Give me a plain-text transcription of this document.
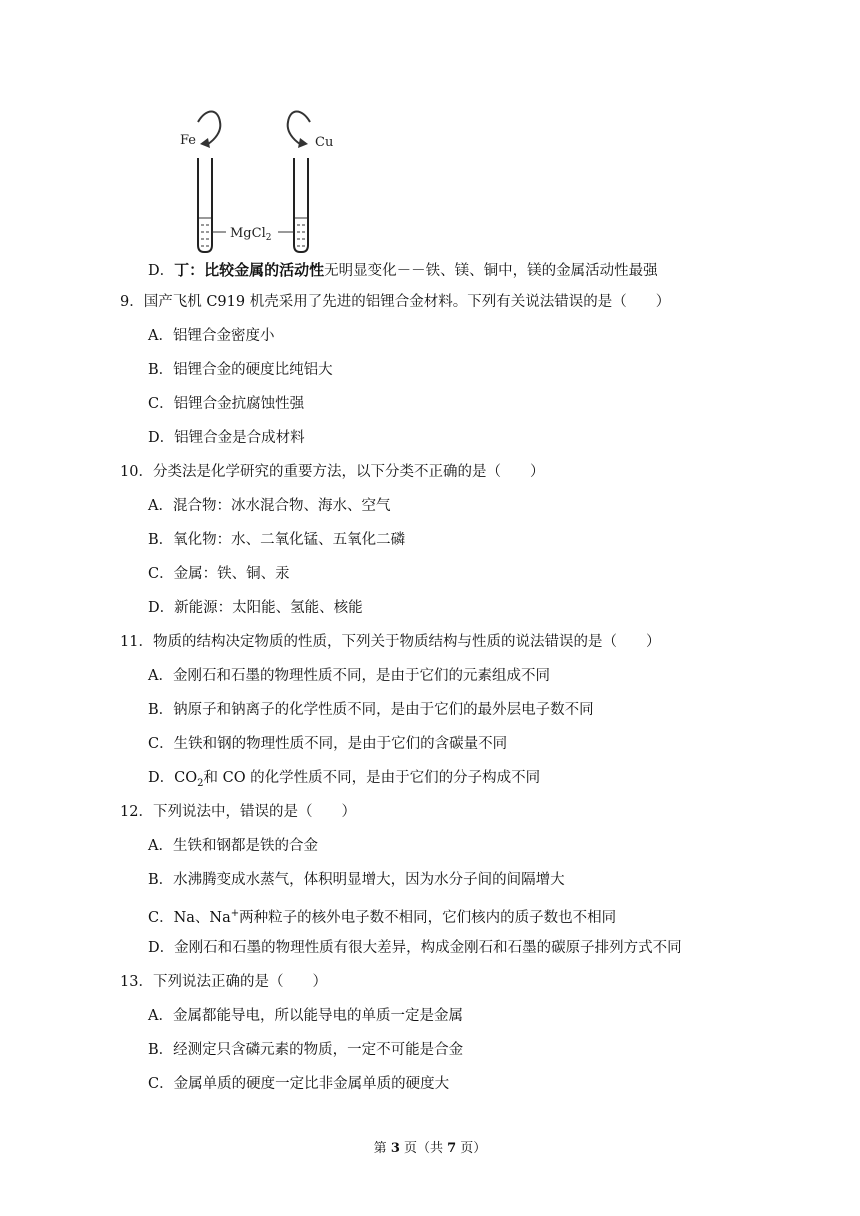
Fe	Cu
MgCl$_2$
D．丁：比较金属的活动性无明显变化－－铁、镁、铜中，镁的金属活动性最强
9．国产飞机 C919 机壳采用了先进的铝锂合金材料。下列有关说法错误的是（　　）
A．铝锂合金密度小
B．铝锂合金的硬度比纯铝大
C．铝锂合金抗腐蚀性强
D．铝锂合金是合成材料
10．分类法是化学研究的重要方法，以下分类不正确的是（　　）
A．混合物：冰水混合物、海水、空气
B．氧化物：水、二氧化锰、五氧化二磷
C．金属：铁、铜、汞
D．新能源：太阳能、氢能、核能
11．物质的结构决定物质的性质，下列关于物质结构与性质的说法错误的是（　　）
A．金刚石和石墨的物理性质不同，是由于它们的元素组成不同
B．钠原子和钠离子的化学性质不同，是由于它们的最外层电子数不同
C．生铁和钢的物理性质不同，是由于它们的含碳量不同
D．$CO_2$和 CO 的化学性质不同，是由于它们的分子构成不同
12．下列说法中，错误的是（　　）
A．生铁和钢都是铁的合金
B．水沸腾变成水蒸气，体积明显增大，因为水分子间的间隔增大
C．Na、Na+两种粒子的核外电子数不相同，它们核内的质子数也不相同
D．金刚石和石墨的物理性质有很大差异，构成金刚石和石墨的碳原子排列方式不同
13．下列说法正确的是（　　）
A．金属都能导电，所以能导电的单质一定是金属
B．经测定只含磷元素的物质，一定不可能是合金
C．金属单质的硬度一定比非金属单质的硬度大
第 3 页（共 7 页）
